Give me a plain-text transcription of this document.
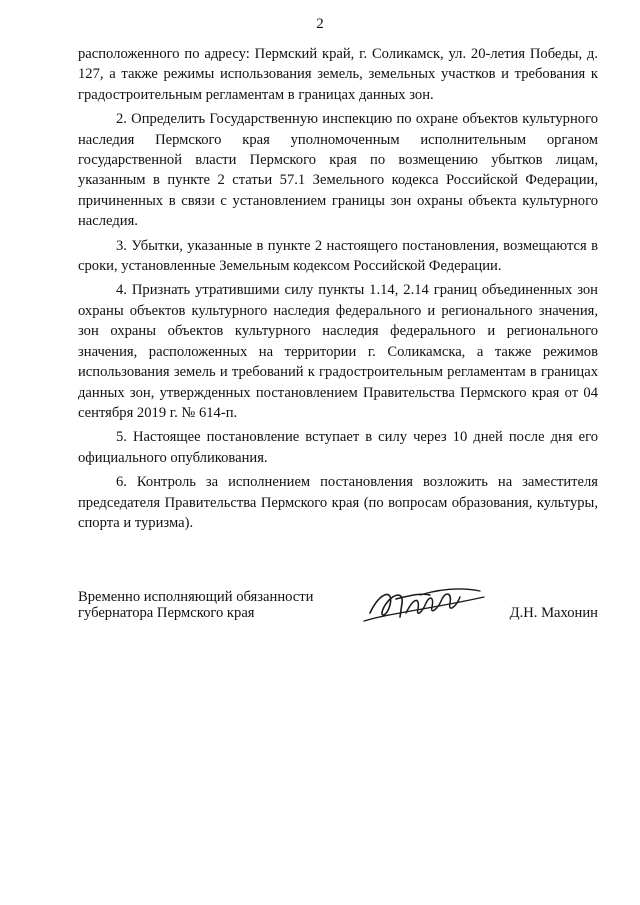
2

расположенного по адресу: Пермский край, г. Соликамск, ул. 20-летия Победы, д. 127, а также режимы использования земель, земельных участков и требования к градостроительным регламентам в границах данных зон.

2. Определить Государственную инспекцию по охране объектов культурного наследия Пермского края уполномоченным исполнительным органом государственной власти Пермского края по возмещению убытков лицам, указанным в пункте 2 статьи 57.1 Земельного кодекса Российской Федерации, причиненных в связи с установлением границы зон охраны объекта культурного наследия.

3. Убытки, указанные в пункте 2 настоящего постановления, возмещаются в сроки, установленные Земельным кодексом Российской Федерации.

4. Признать утратившими силу пункты 1.14, 2.14 границ объединенных зон охраны объектов культурного наследия федерального и регионального значения, зон охраны объектов культурного наследия федерального и регионального значения, расположенных на территории г. Соликамска, а также режимов использования земель и требований к градостроительным регламентам в границах данных зон, утвержденных постановлением Правительства Пермского края от 04 сентября 2019 г. № 614-п.

5. Настоящее постановление вступает в силу через 10 дней после дня его официального опубликования.

6. Контроль за исполнением постановления возложить на заместителя председателя Правительства Пермского края (по вопросам образования, культуры, спорта и туризма).

Временно исполняющий обязанности
губернатора Пермского края	Д.Н. Махонин
